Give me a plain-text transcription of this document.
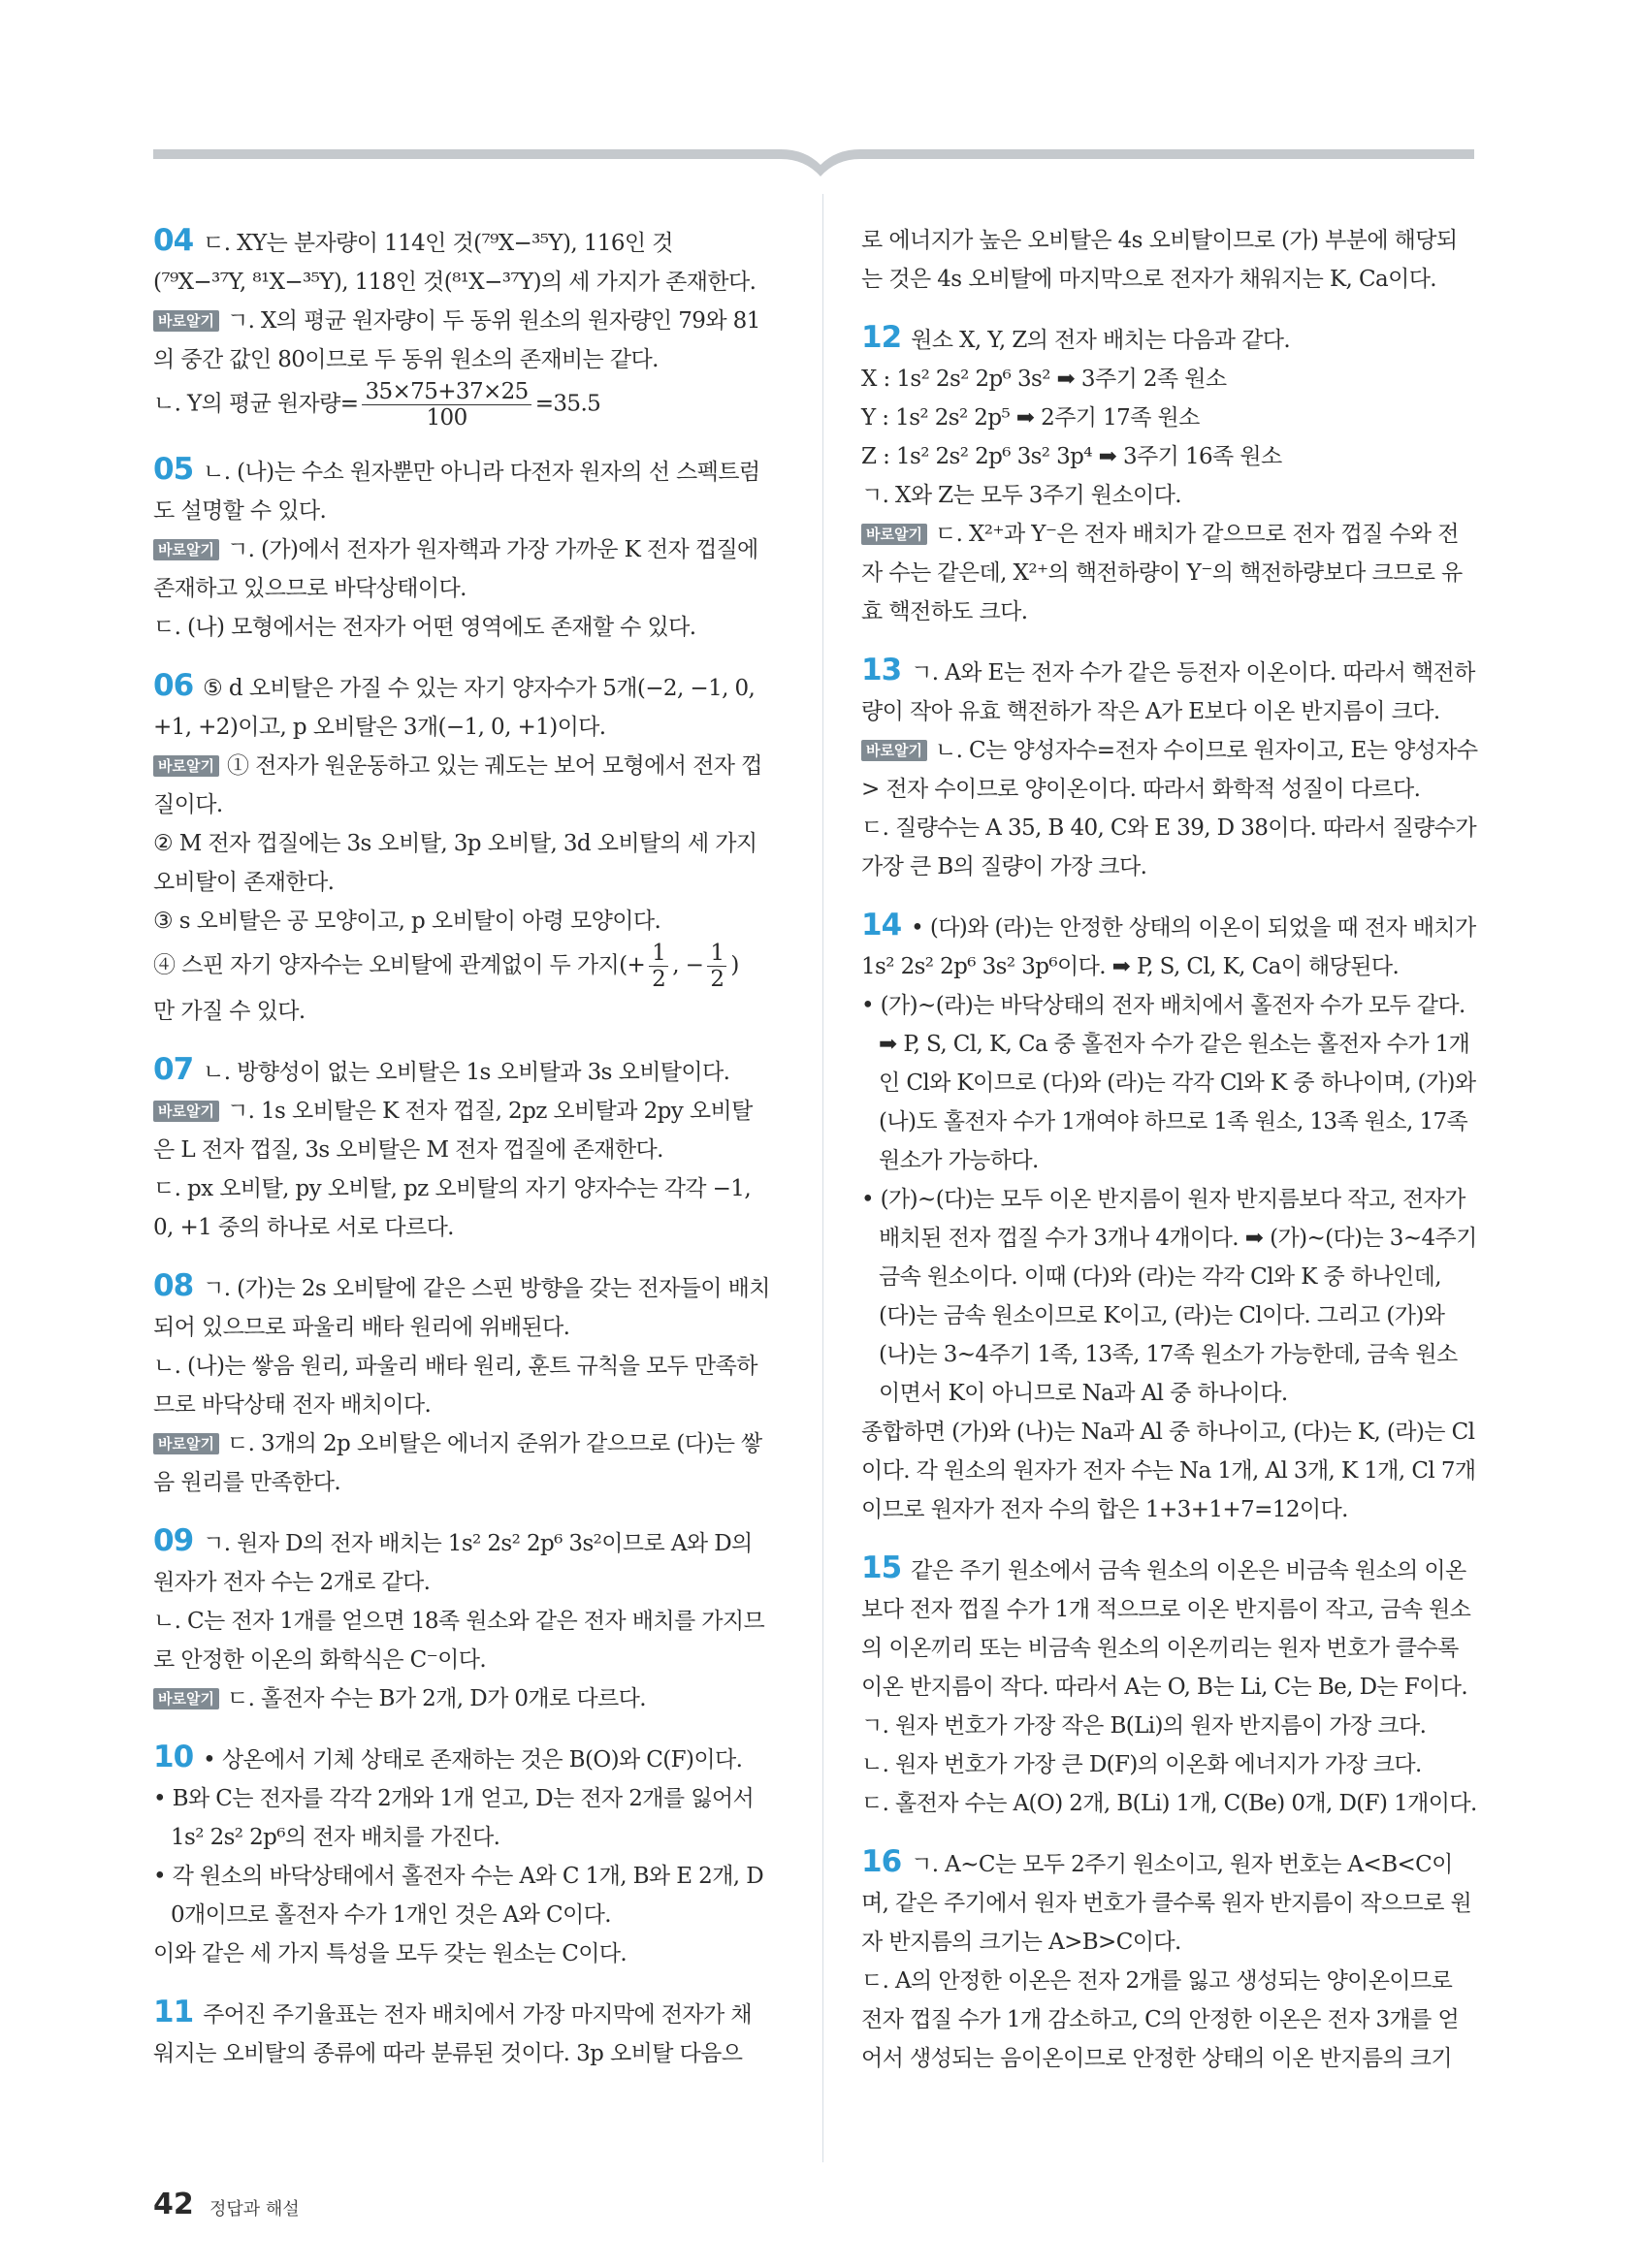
04 ㄷ. XY는 분자량이 114인 것(⁷⁹X−³⁵Y), 116인 것 (⁷⁹X−³⁷Y, ⁸¹X−³⁵Y), 118인 것(⁸¹X−³⁷Y)의 세 가지가 존재한다.

바로알기 ㄱ. X의 평균 원자량이 두 동위 원소의 원자량인 79와 81의 중간 값인 80이므로 두 동위 원소의 존재비는 같다.

ㄴ. Y의 평균 원자량= $\frac{35\times 75+37\times 25}{100} =35.5$

05 ㄴ. (나)는 수소 원자뿐만 아니라 다전자 원자의 선 스펙트럼도 설명할 수 있다.

바로알기 ㄱ. (가)에서 전자가 원자핵과 가장 가까운 K 전자 껍질에 존재하고 있으므로 바닥상태이다.

ㄷ. (나) 모형에서는 전자가 어떤 영역에도 존재할 수 있다.

06 ⑤ d 오비탈은 가질 수 있는 자기 양자수가 5개(−2, −1, 0, +1, +2)이고, p 오비탈은 3개(−1, 0, +1)이다.

바로알기 ① 전자가 원운동하고 있는 궤도는 보어 모형에서 전자 껍질이다.

② M 전자 껍질에는 3s 오비탈, 3p 오비탈, 3d 오비탈의 세 가지 오비탈이 존재한다.

③ s 오비탈은 공 모양이고, p 오비탈이 아령 모양이다.

④ 스핀 자기 양자수는 오비탈에 관계없이 두 가지(+ $\frac{1}{2}$ , − $\frac{1}{2}$ )

만 가질 수 있다.

07 ㄴ. 방향성이 없는 오비탈은 1s 오비탈과 3s 오비탈이다.

바로알기 ㄱ. 1s 오비탈은 K 전자 껍질, 2pz 오비탈과 2py 오비탈은 L 전자 껍질, 3s 오비탈은 M 전자 껍질에 존재한다.

ㄷ. px 오비탈, py 오비탈, pz 오비탈의 자기 양자수는 각각 −1, 0, +1 중의 하나로 서로 다르다.

08 ㄱ. (가)는 2s 오비탈에 같은 스핀 방향을 갖는 전자들이 배치되어 있으므로 파울리 배타 원리에 위배된다.

ㄴ. (나)는 쌓음 원리, 파울리 배타 원리, 훈트 규칙을 모두 만족하므로 바닥상태 전자 배치이다.

바로알기 ㄷ. 3개의 2p 오비탈은 에너지 준위가 같으므로 (다)는 쌓음 원리를 만족한다.

09 ㄱ. 원자 D의 전자 배치는 1s² 2s² 2p⁶ 3s²이므로 A와 D의 원자가 전자 수는 2개로 같다.

ㄴ. C는 전자 1개를 얻으면 18족 원소와 같은 전자 배치를 가지므로 안정한 이온의 화학식은 C⁻이다.

바로알기 ㄷ. 홀전자 수는 B가 2개, D가 0개로 다르다.

10 • 상온에서 기체 상태로 존재하는 것은 B(O)와 C(F)이다.

• B와 C는 전자를 각각 2개와 1개 얻고, D는 전자 2개를 잃어서 1s² 2s² 2p⁶의 전자 배치를 가진다.

• 각 원소의 바닥상태에서 홀전자 수는 A와 C 1개, B와 E 2개, D 0개이므로 홀전자 수가 1개인 것은 A와 C이다.

이와 같은 세 가지 특성을 모두 갖는 원소는 C이다.

11 주어진 주기율표는 전자 배치에서 가장 마지막에 전자가 채워지는 오비탈의 종류에 따라 분류된 것이다. 3p 오비탈 다음으

로 에너지가 높은 오비탈은 4s 오비탈이므로 (가) 부분에 해당되는 것은 4s 오비탈에 마지막으로 전자가 채워지는 K, Ca이다.

12 원소 X, Y, Z의 전자 배치는 다음과 같다.

X : 1s² 2s² 2p⁶ 3s² ➡ 3주기 2족 원소

Y : 1s² 2s² 2p⁵ ➡ 2주기 17족 원소

Z : 1s² 2s² 2p⁶ 3s² 3p⁴ ➡ 3주기 16족 원소

ㄱ. X와 Z는 모두 3주기 원소이다.

바로알기 ㄷ. X²⁺과 Y⁻은 전자 배치가 같으므로 전자 껍질 수와 전자 수는 같은데, X²⁺의 핵전하량이 Y⁻의 핵전하량보다 크므로 유효 핵전하도 크다.

13 ㄱ. A와 E는 전자 수가 같은 등전자 이온이다. 따라서 핵전하량이 작아 유효 핵전하가 작은 A가 E보다 이온 반지름이 크다.

바로알기 ㄴ. C는 양성자수=전자 수이므로 원자이고, E는 양성자수> 전자 수이므로 양이온이다. 따라서 화학적 성질이 다르다.

ㄷ. 질량수는 A 35, B 40, C와 E 39, D 38이다. 따라서 질량수가 가장 큰 B의 질량이 가장 크다.

14 • (다)와 (라)는 안정한 상태의 이온이 되었을 때 전자 배치가 1s² 2s² 2p⁶ 3s² 3p⁶이다. ➡ P, S, Cl, K, Ca이 해당된다.

• (가)~(라)는 바닥상태의 전자 배치에서 홀전자 수가 모두 같다. ➡ P, S, Cl, K, Ca 중 홀전자 수가 같은 원소는 홀전자 수가 1개인 Cl와 K이므로 (다)와 (라)는 각각 Cl와 K 중 하나이며, (가)와 (나)도 홀전자 수가 1개여야 하므로 1족 원소, 13족 원소, 17족 원소가 가능하다.

• (가)~(다)는 모두 이온 반지름이 원자 반지름보다 작고, 전자가 배치된 전자 껍질 수가 3개나 4개이다. ➡ (가)~(다)는 3~4주기 금속 원소이다. 이때 (다)와 (라)는 각각 Cl와 K 중 하나인데, (다)는 금속 원소이므로 K이고, (라)는 Cl이다. 그리고 (가)와 (나)는 3~4주기 1족, 13족, 17족 원소가 가능한데, 금속 원소이면서 K이 아니므로 Na과 Al 중 하나이다.

종합하면 (가)와 (나)는 Na과 Al 중 하나이고, (다)는 K, (라)는 Cl이다. 각 원소의 원자가 전자 수는 Na 1개, Al 3개, K 1개, Cl 7개이므로 원자가 전자 수의 합은 1+3+1+7=12이다.

15 같은 주기 원소에서 금속 원소의 이온은 비금속 원소의 이온보다 전자 껍질 수가 1개 적으므로 이온 반지름이 작고, 금속 원소의 이온끼리 또는 비금속 원소의 이온끼리는 원자 번호가 클수록 이온 반지름이 작다. 따라서 A는 O, B는 Li, C는 Be, D는 F이다.

ㄱ. 원자 번호가 가장 작은 B(Li)의 원자 반지름이 가장 크다.

ㄴ. 원자 번호가 가장 큰 D(F)의 이온화 에너지가 가장 크다.

ㄷ. 홀전자 수는 A(O) 2개, B(Li) 1개, C(Be) 0개, D(F) 1개이다.

16 ㄱ. A~C는 모두 2주기 원소이고, 원자 번호는 A<B<C이며, 같은 주기에서 원자 번호가 클수록 원자 반지름이 작으므로 원자 반지름의 크기는 A>B>C이다.

ㄷ. A의 안정한 이온은 전자 2개를 잃고 생성되는 양이온이므로 전자 껍질 수가 1개 감소하고, C의 안정한 이온은 전자 3개를 얻어서 생성되는 음이온이므로 안정한 상태의 이온 반지름의 크기

42 정답과 해설
